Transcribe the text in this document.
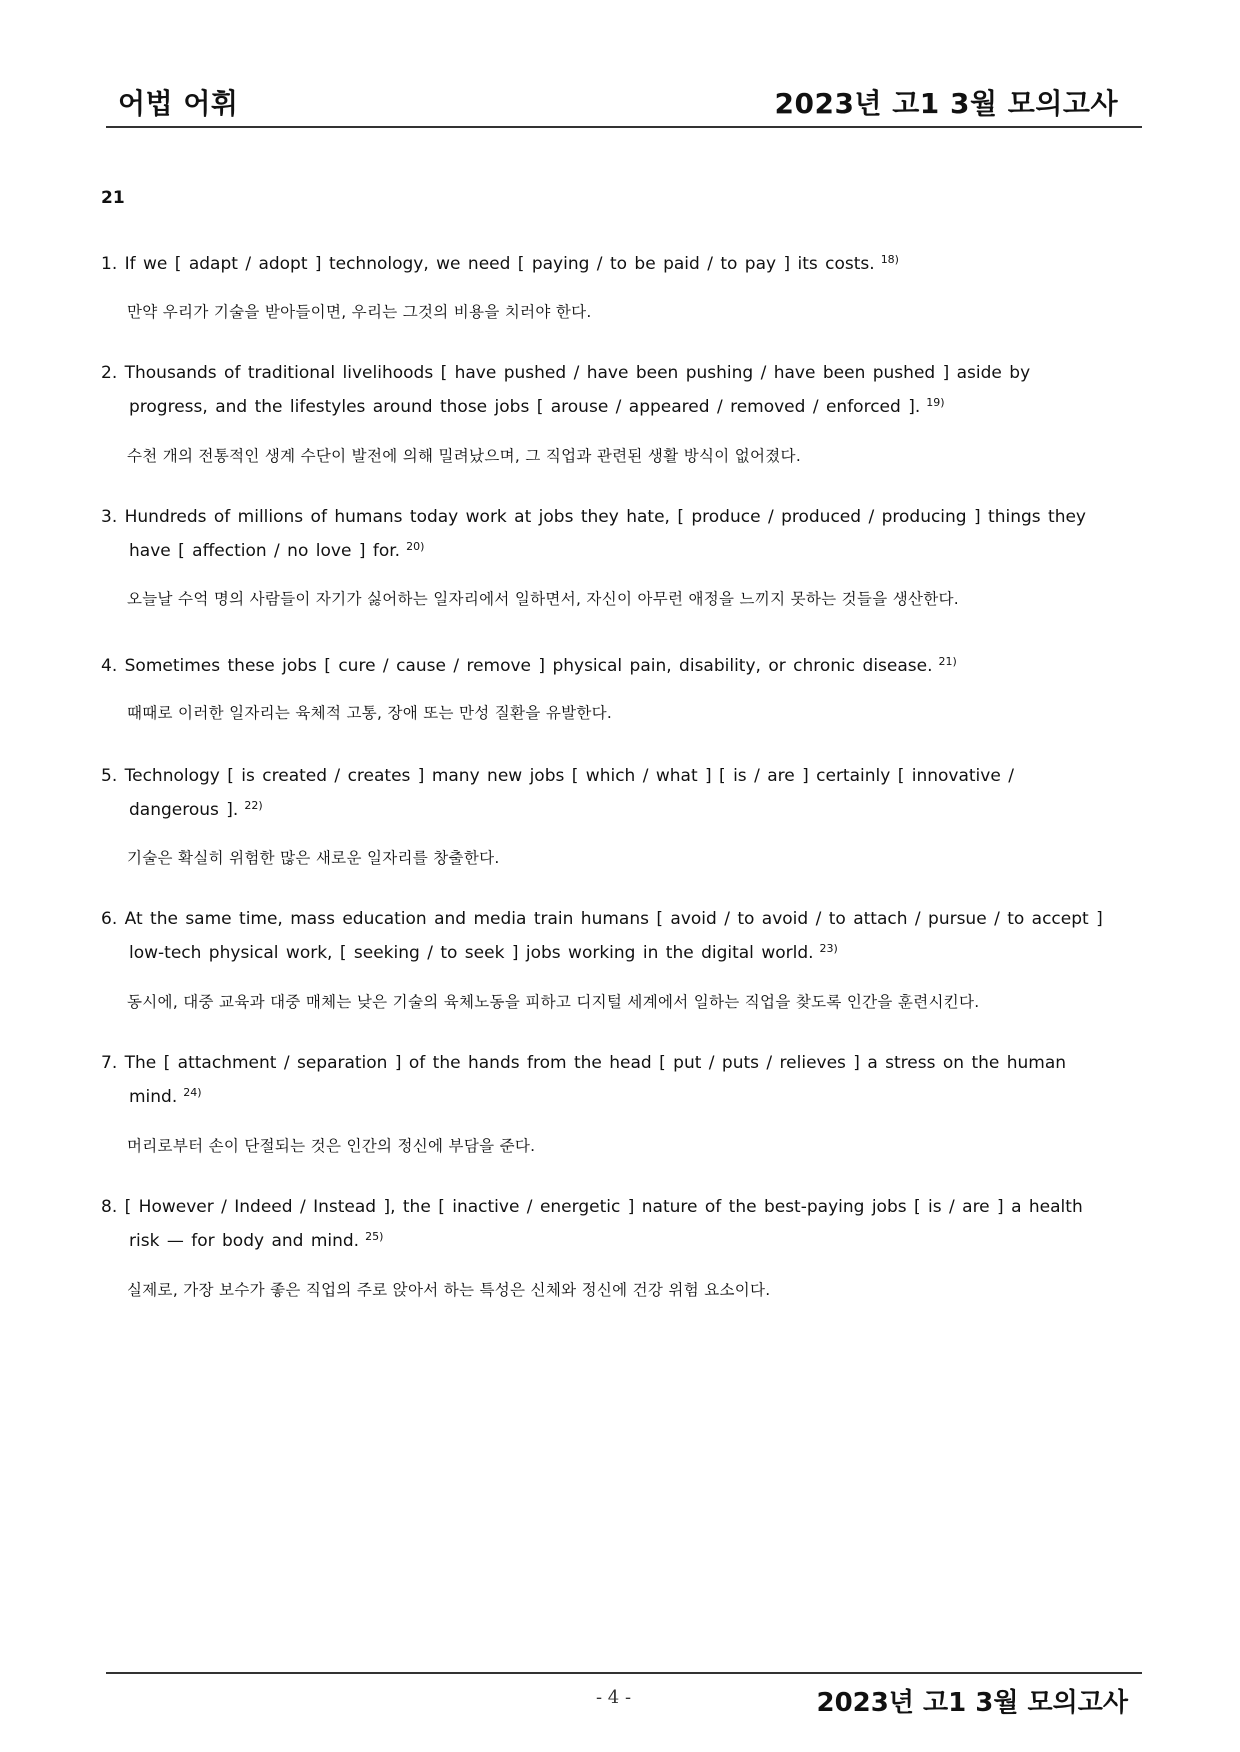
어법 어휘	2023년 고1 3월 모의고사
21
1. If we [ adapt / adopt ] technology, we need [ paying / to be paid / to pay ] its costs. $^{18)}$
만약 우리가 기술을 받아들이면, 우리는 그것의 비용을 치러야 한다.
2. Thousands of traditional livelihoods [ have pushed / have been pushing / have been pushed ] aside by
progress, and the lifestyles around those jobs [ arouse / appeared / removed / enforced ]. $^{19)}$
수천 개의 전통적인 생계 수단이 발전에 의해 밀려났으며, 그 직업과 관련된 생활 방식이 없어졌다.
3. Hundreds of millions of humans today work at jobs they hate, [ produce / produced / producing ] things they
have [ affection / no love ] for. $^{20)}$
오늘날 수억 명의 사람들이 자기가 싫어하는 일자리에서 일하면서, 자신이 아무런 애정을 느끼지 못하는 것들을 생산한다.
4. Sometimes these jobs [ cure / cause / remove ] physical pain, disability, or chronic disease. $^{21)}$
때때로 이러한 일자리는 육체적 고통, 장애 또는 만성 질환을 유발한다.
5. Technology [ is created / creates ] many new jobs [ which / what ] [ is / are ] certainly [ innovative /
dangerous ]. $^{22)}$
기술은 확실히 위험한 많은 새로운 일자리를 창출한다.
6. At the same time, mass education and media train humans [ avoid / to avoid / to attach / pursue / to accept ]
low-tech physical work, [ seeking / to seek ] jobs working in the digital world. $^{23)}$
동시에, 대중 교육과 대중 매체는 낮은 기술의 육체노동을 피하고 디지털 세계에서 일하는 직업을 찾도록 인간을 훈련시킨다.
7. The [ attachment / separation ] of the hands from the head [ put / puts / relieves ] a stress on the human
mind. $^{24)}$
머리로부터 손이 단절되는 것은 인간의 정신에 부담을 준다.
8. [ However / Indeed / Instead ], the [ inactive / energetic ] nature of the best-paying jobs [ is / are ] a health
risk — for body and mind. $^{25)}$
실제로, 가장 보수가 좋은 직업의 주로 앉아서 하는 특성은 신체와 정신에 건강 위험 요소이다.
- 4 -	2023년 고1 3월 모의고사
